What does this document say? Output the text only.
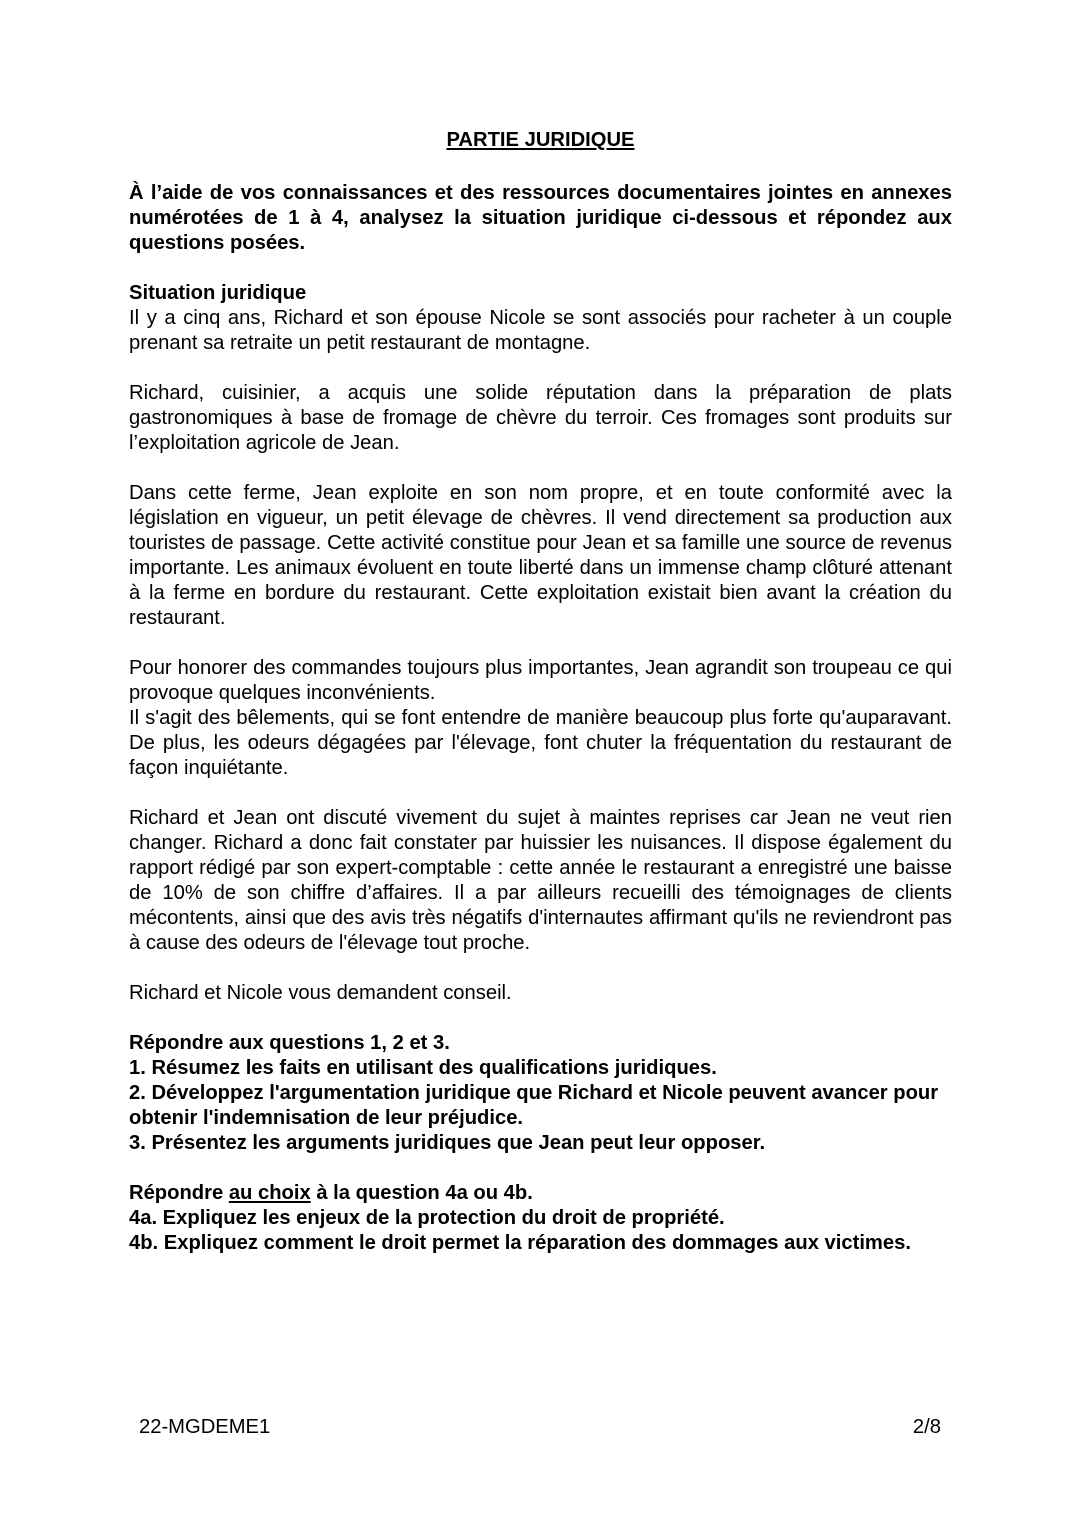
PARTIE JURIDIQUE
À l’aide de vos connaissances et des ressources documentaires jointes en annexes numérotées de 1 à 4, analysez la situation juridique ci-dessous et répondez aux questions posées.
Situation juridique

Il y a cinq ans, Richard et son épouse Nicole se sont associés pour racheter à un couple prenant sa retraite un petit restaurant de montagne.

Richard, cuisinier, a acquis une solide réputation dans la préparation de plats gastronomiques à base de fromage de chèvre du terroir. Ces fromages sont produits sur l’exploitation agricole de Jean.

Dans cette ferme, Jean exploite en son nom propre, et en toute conformité avec la législation en vigueur, un petit élevage de chèvres. Il vend directement sa production aux touristes de passage. Cette activité constitue pour Jean et sa famille une source de revenus importante. Les animaux évoluent en toute liberté dans un immense champ clôturé attenant à la ferme en bordure du restaurant. Cette exploitation existait bien avant la création du restaurant.

Pour honorer des commandes toujours plus importantes, Jean agrandit son troupeau ce qui provoque quelques inconvénients.

Il s'agit des bêlements, qui se font entendre de manière beaucoup plus forte qu'auparavant. De plus, les odeurs dégagées par l'élevage, font chuter la fréquentation du restaurant de façon inquiétante.

Richard et Jean ont discuté vivement du sujet à maintes reprises car Jean ne veut rien changer. Richard a donc fait constater par huissier les nuisances. Il dispose également du rapport rédigé par son expert-comptable : cette année le restaurant a enregistré une baisse de 10% de son chiffre d’affaires. Il a par ailleurs recueilli des témoignages de clients mécontents, ainsi que des avis très négatifs d'internautes affirmant qu'ils ne reviendront pas à cause des odeurs de l'élevage tout proche.

Richard et Nicole vous demandent conseil.

Répondre aux questions 1, 2 et 3.
1. Résumez les faits en utilisant des qualifications juridiques.
2. Développez l'argumentation juridique que Richard et Nicole peuvent avancer pour obtenir l'indemnisation de leur préjudice.
3. Présentez les arguments juridiques que Jean peut leur opposer.
Répondre au choix à la question 4a ou 4b.
4a. Expliquez les enjeux de la protection du droit de propriété.
4b. Expliquez comment le droit permet la réparation des dommages aux victimes.
22-MGDEME1	2/8
